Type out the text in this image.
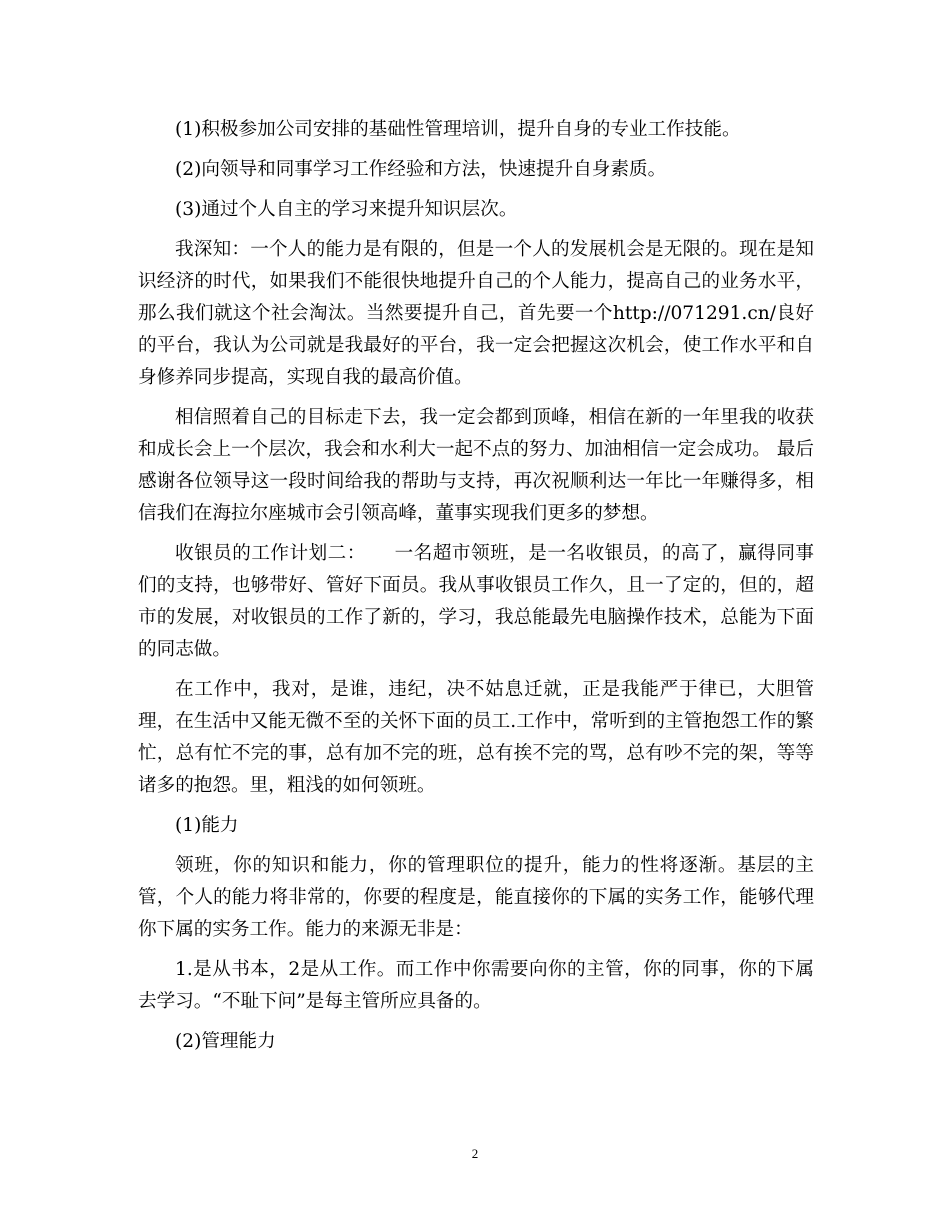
(1)积极参加公司安排的基础性管理培训，提升自身的专业工作技能。

(2)向领导和同事学习工作经验和方法，快速提升自身素质。

(3)通过个人自主的学习来提升知识层次。

我深知：一个人的能力是有限的，但是一个人的发展机会是无限的。现在是知识经济的时代，如果我们不能很快地提升自己的个人能力，提高自己的业务水平，那么我们就这个社会淘汰。当然要提升自己，首先要一个http://071291.cn/良好的平台，我认为公司就是我最好的平台，我一定会把握这次机会，使工作水平和自身修养同步提高，实现自我的最高价值。

相信照着自己的目标走下去，我一定会都到顶峰，相信在新的一年里我的收获和成长会上一个层次，我会和水利大一起不点的努力、加油相信一定会成功。 最后感谢各位领导这一段时间给我的帮助与支持，再次祝顺利达一年比一年赚得多，相信我们在海拉尔座城市会引领高峰，董事实现我们更多的梦想。

收银员的工作计划二：　　一名超市领班，是一名收银员，的高了，赢得同事们的支持，也够带好、管好下面员。我从事收银员工作久，且一了定的，但的，超市的发展，对收银员的工作了新的，学习，我总能最先电脑操作技术，总能为下面的同志做。

在工作中，我对，是谁，违纪，决不姑息迁就，正是我能严于律已，大胆管理，在生活中又能无微不至的关怀下面的员工.工作中，常听到的主管抱怨工作的繁忙，总有忙不完的事，总有加不完的班，总有挨不完的骂，总有吵不完的架，等等诸多的抱怨。里，粗浅的如何领班。

(1)能力

领班，你的知识和能力，你的管理职位的提升，能力的性将逐渐。基层的主管，个人的能力将非常的，你要的程度是，能直接你的下属的实务工作，能够代理你下属的实务工作。能力的来源无非是：

1.是从书本，2是从工作。而工作中你需要向你的主管，你的同事，你的下属去学习。“不耻下问”是每主管所应具备的。

(2)管理能力

2
